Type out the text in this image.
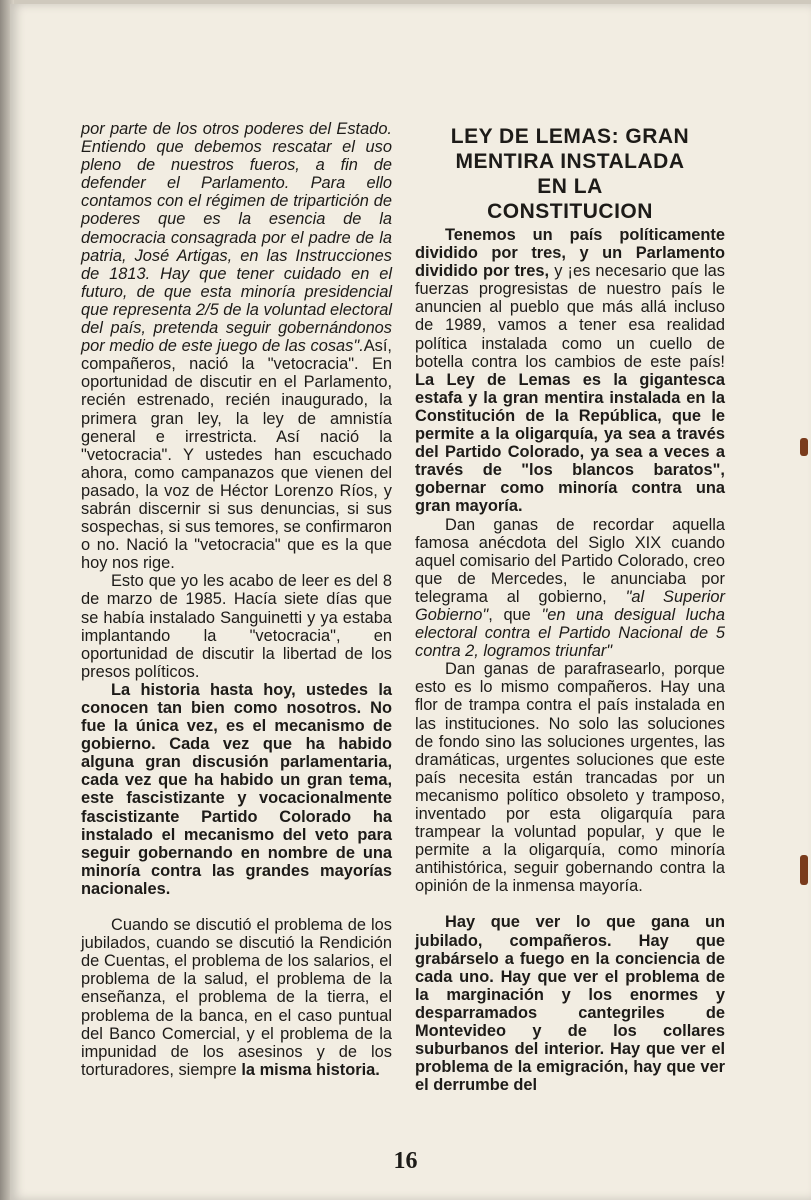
por parte de los otros poderes del Estado. Entiendo que debemos rescatar el uso pleno de nuestros fueros, a fin de defender el Parlamento. Para ello contamos con el régimen de tripartición de poderes que es la esencia de la democracia consagrada por el padre de la patria, José Artigas, en las Instrucciones de 1813. Hay que tener cuidado en el futuro, de que esta minoría presidencial que representa 2/5 de la voluntad electoral del país, pretenda seguir gobernándonos por medio de este juego de las cosas".Así, compañeros, nació la "vetocracia". En oportunidad de discutir en el Parlamento, recién estrenado, recién inaugurado, la primera gran ley, la ley de amnistía general e irrestricta. Así nació la "vetocracia". Y ustedes han escuchado ahora, como campanazos que vienen del pasado, la voz de Héctor Lorenzo Ríos, y sabrán discernir si sus denuncias, si sus sospechas, si sus temores, se confirmaron o no. Nació la "vetocracia" que es la que hoy nos rige.

Esto que yo les acabo de leer es del 8 de marzo de 1985. Hacía siete días que se había instalado Sanguinetti y ya estaba implantando la "vetocracia", en oportunidad de discutir la libertad de los presos políticos.

La historia hasta hoy, ustedes la conocen tan bien como nosotros. No fue la única vez, es el mecanismo de gobierno. Cada vez que ha habido alguna gran discusión parlamentaria, cada vez que ha habido un gran tema, este fascistizante y vocacionalmente fascistizante Partido Colorado ha instalado el mecanismo del veto para seguir gobernando en nombre de una minoría contra las grandes mayorías nacionales.

Cuando se discutió el problema de los jubilados, cuando se discutió la Rendición de Cuentas, el problema de los salarios, el problema de la salud, el problema de la enseñanza, el problema de la tierra, el problema de la banca, en el caso puntual del Banco Comercial, y el problema de la impunidad de los asesinos y de los torturadores, siempre la misma historia.

LEY DE LEMAS: GRAN
MENTIRA INSTALADA
EN LA
CONSTITUCION

Tenemos un país políticamente dividido por tres, y un Parlamento dividido por tres, y ¡es necesario que las fuerzas progresistas de nuestro país le anuncien al pueblo que más allá incluso de 1989, vamos a tener esa realidad política instalada como un cuello de botella contra los cambios de este país! La Ley de Lemas es la gigantesca estafa y la gran mentira instalada en la Constitución de la República, que le permite a la oligarquía, ya sea a través del Partido Colorado, ya sea a veces a través de "los blancos baratos", gobernar como minoría contra una gran mayoría.

Dan ganas de recordar aquella famosa anécdota del Siglo XIX cuando aquel comisario del Partido Colorado, creo que de Mercedes, le anunciaba por telegrama al gobierno, "al Superior Gobierno", que "en una desigual lucha electoral contra el Partido Nacional de 5 contra 2, logramos triunfar"

Dan ganas de parafrasearlo, porque esto es lo mismo compañeros. Hay una flor de trampa contra el país instalada en las instituciones. No solo las soluciones de fondo sino las soluciones urgentes, las dramáticas, urgentes soluciones que este país necesita están trancadas por un mecanismo político obsoleto y tramposo, inventado por esta oligarquía para trampear la voluntad popular, y que le permite a la oligarquía, como minoría antihistórica, seguir gobernando contra la opinión de la inmensa mayoría.

Hay que ver lo que gana un jubilado, compañeros. Hay que grabárselo a fuego en la conciencia de cada uno. Hay que ver el problema de la marginación y los enormes y desparramados cantegriles de Montevideo y de los collares suburbanos del interior. Hay que ver el problema de la emigración, hay que ver el derrumbe del

16
